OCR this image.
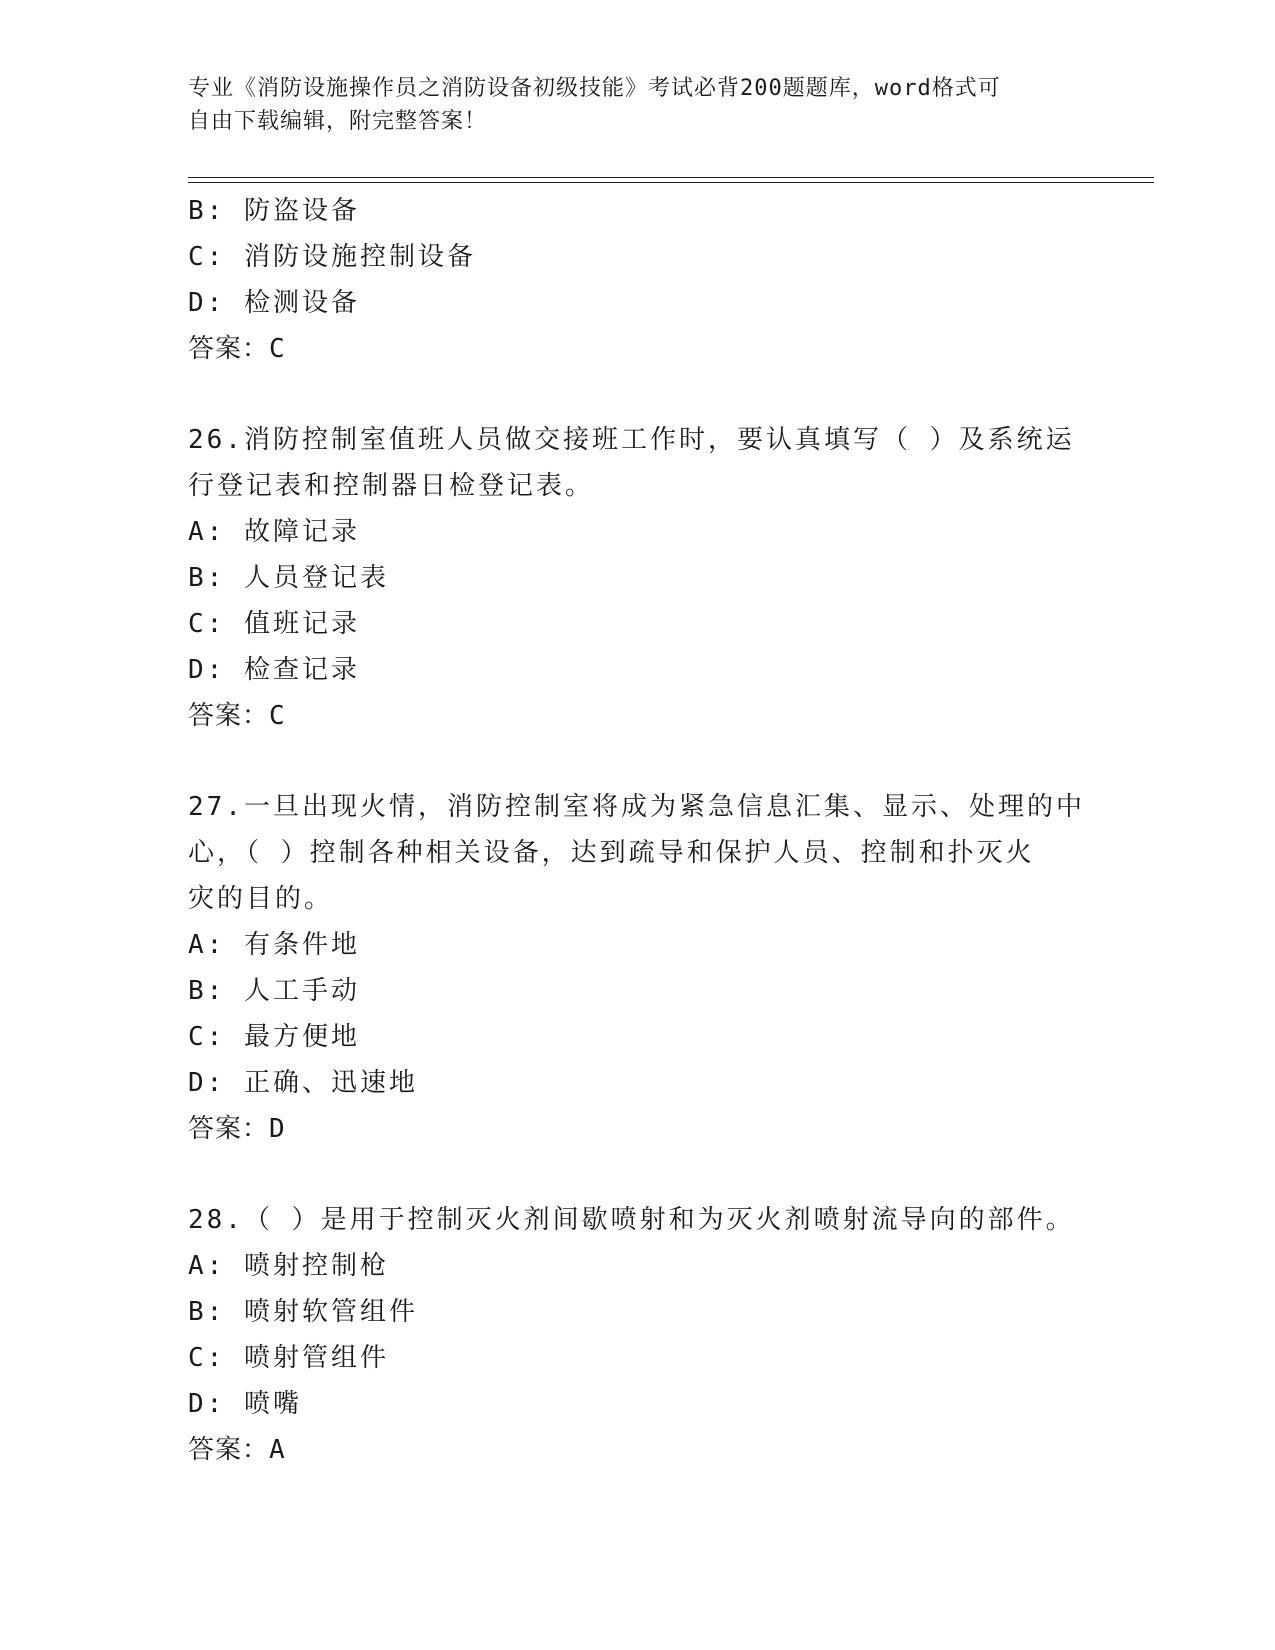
专业《消防设施操作员之消防设备初级技能》考试必背200题题库，word格式可
自由下载编辑，附完整答案！
B: 防盗设备
C: 消防设施控制设备
D: 检测设备
答案：C
26.消防控制室值班人员做交接班工作时，要认真填写（ ）及系统运
行登记表和控制器日检登记表。
A: 故障记录
B: 人员登记表
C: 值班记录
D: 检查记录
答案：C
27.一旦出现火情，消防控制室将成为紧急信息汇集、显示、处理的中
心，（ ）控制各种相关设备，达到疏导和保护人员、控制和扑灭火
灾的目的。
A: 有条件地
B: 人工手动
C: 最方便地
D: 正确、迅速地
答案：D
28.（ ）是用于控制灭火剂间歇喷射和为灭火剂喷射流导向的部件。
A: 喷射控制枪
B: 喷射软管组件
C: 喷射管组件
D: 喷嘴
答案：A
